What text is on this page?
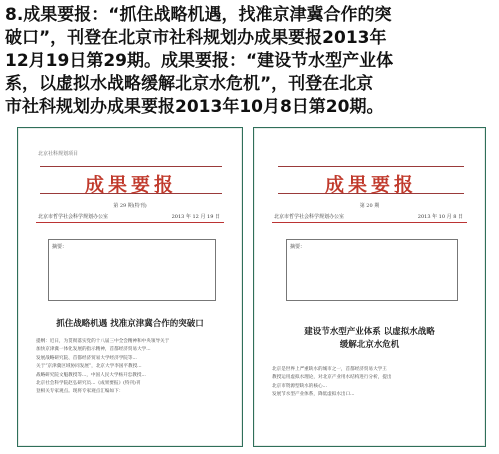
8.成果要报：“抓住战略机遇，找准京津冀合作的突
破口”，刊登在北京市社科规划办成果要报2013年
12月19日第29期。成果要报：“建设节水型产业体
系，以虚拟水战略缓解北京水危机”，刊登在北京
市社科规划办成果要报2013年10月8日第20期。
北京社科规划项目
成果要报
第 29 期(特刊)
北京市哲学社会科学规划办公室	2013 年 12 月 19 日
摘要：
抓住战略机遇 找准京津冀合作的突破口
提纲：近日，为贯彻落实党的十八届三中全会精神和中央领导关于
加快京津冀一体化发展的指示精神，首都经济贸易大学...
发展战略研究院、首都经济贸易大学经济学院等...
关于“京津冀区域协同发展”，北京大学李国平教授...
战略研究院文魁教授等...，中国人民大学杨开忠教授...
北京社会科学院赵弘研究员...《成果要报》(特刊)刊
登相关专家观点。现将专家观点汇编如下：
成果要报
第 20 期
北京市哲学社会科学规划办公室	2013 年 10 月 8 日
摘要：
建设节水型产业体系 以虚拟水战略
缓解北京水危机
北京是世界上严重缺水的城市之一，首都经济贸易大学王
教授运用虚拟水理论，对北京产业用水结构进行分析，提出
北京市资源型缺水的核心...
发展节水型产业体系，降低虚拟水出口...
